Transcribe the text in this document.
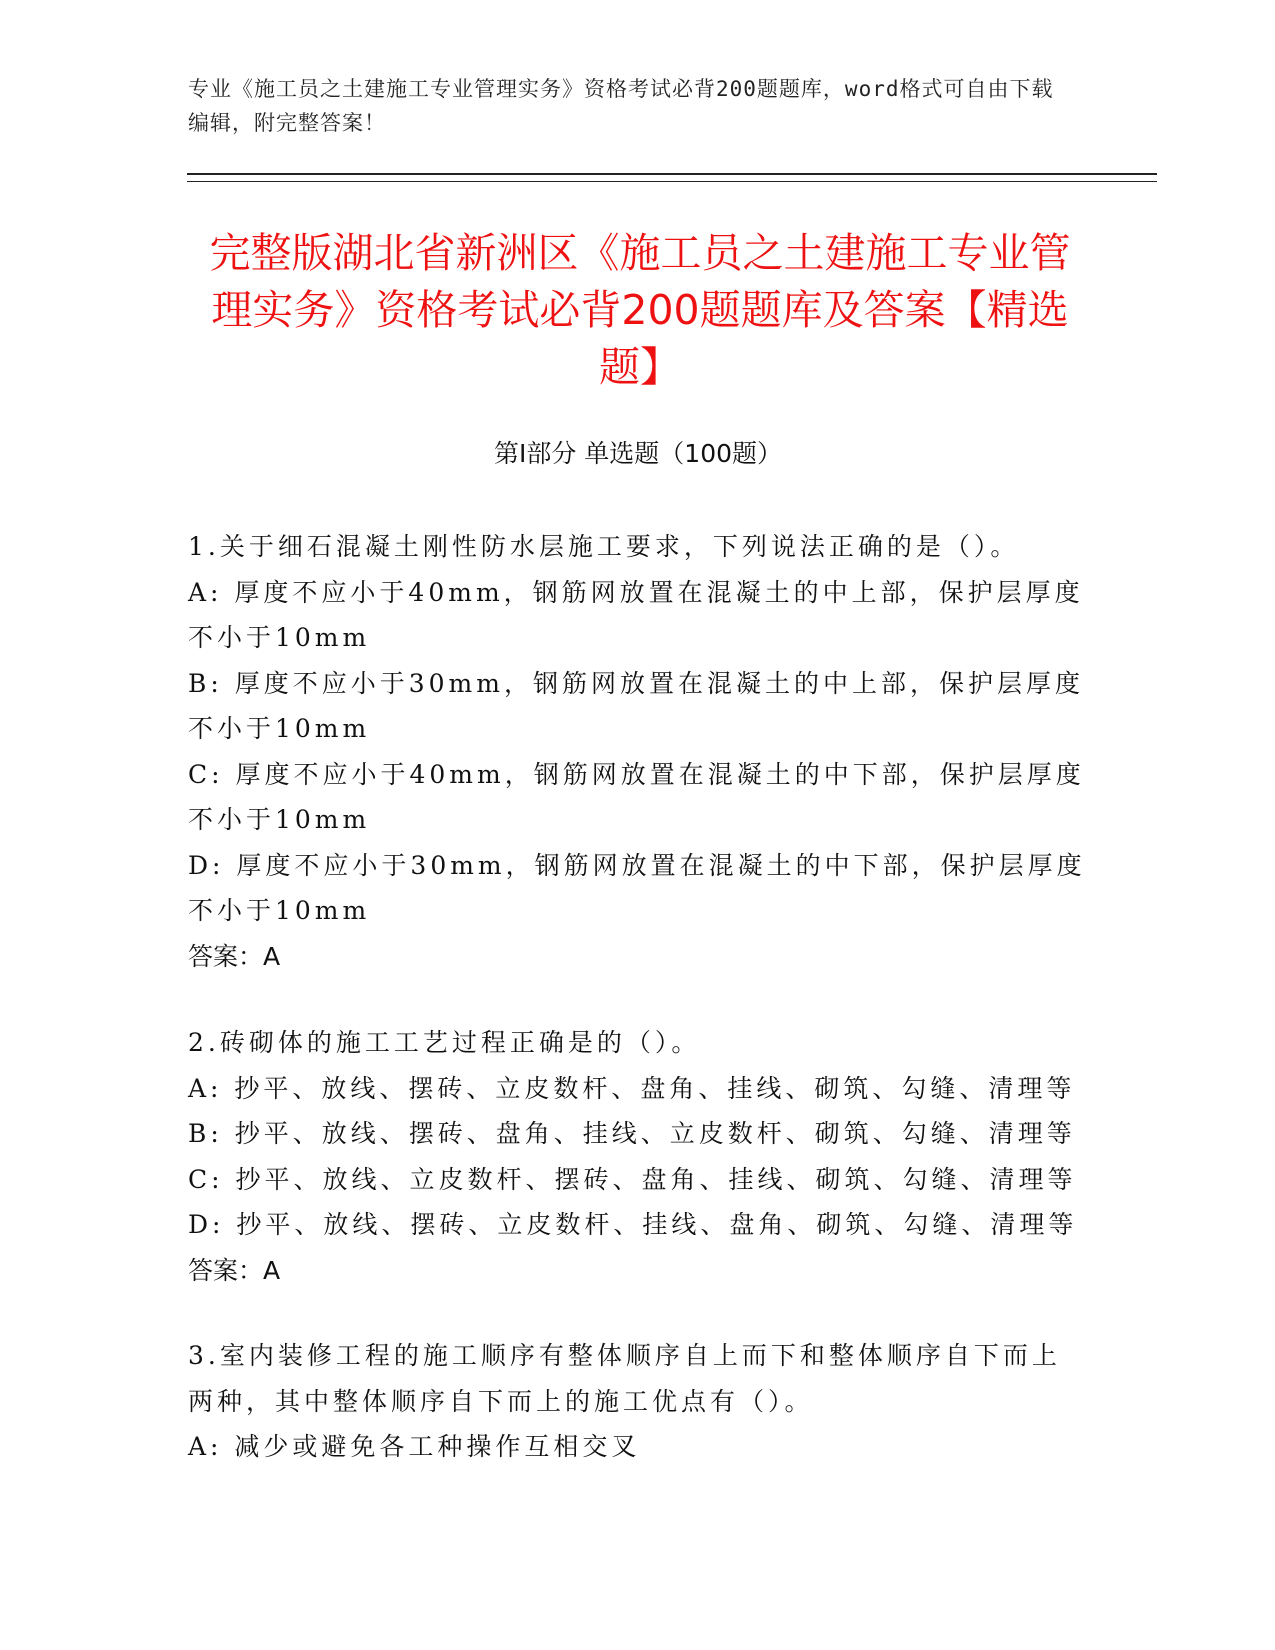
专业《施工员之土建施工专业管理实务》资格考试必背200题题库，word格式可自由下载编辑，附完整答案！
完整版湖北省新洲区《施工员之土建施工专业管理实务》资格考试必背200题题库及答案【精选题】
第I部分 单选题（100题）

1.关于细石混凝土刚性防水层施工要求，下列说法正确的是（）。

A: 厚度不应小于40mm，钢筋网放置在混凝土的中上部，保护层厚度不小于10mm

B: 厚度不应小于30mm，钢筋网放置在混凝土的中上部，保护层厚度不小于10mm

C: 厚度不应小于40mm，钢筋网放置在混凝土的中下部，保护层厚度不小于10mm

D: 厚度不应小于30mm，钢筋网放置在混凝土的中下部，保护层厚度不小于10mm

答案：A

2.砖砌体的施工工艺过程正确是的（）。

A: 抄平、放线、摆砖、立皮数杆、盘角、挂线、砌筑、勾缝、清理等

B: 抄平、放线、摆砖、盘角、挂线、立皮数杆、砌筑、勾缝、清理等

C: 抄平、放线、立皮数杆、摆砖、盘角、挂线、砌筑、勾缝、清理等

D: 抄平、放线、摆砖、立皮数杆、挂线、盘角、砌筑、勾缝、清理等

答案：A

3.室内装修工程的施工顺序有整体顺序自上而下和整体顺序自下而上两种，其中整体顺序自下而上的施工优点有（）。

A: 减少或避免各工种操作互相交叉
